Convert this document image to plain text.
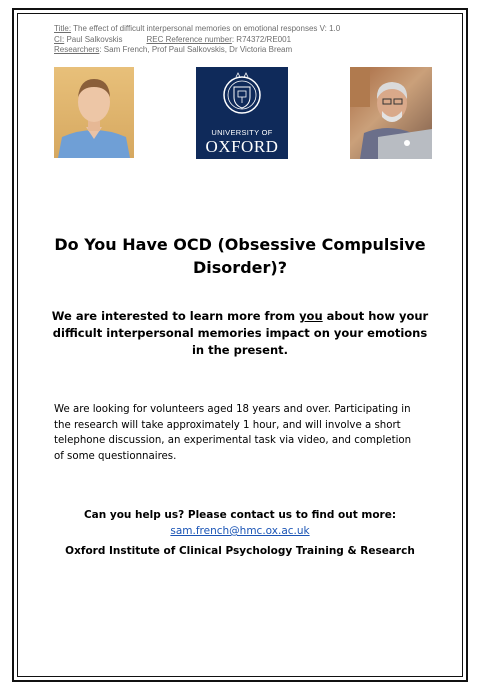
Title: The effect of difficult interpersonal memories on emotional responses V: 1.0
CI: Paul Salkovskis	REC Reference number: R74372/RE001
Researchers: Sam French, Prof Paul Salkovskis, Dr Victoria Bream
UNIVERSITY OF
OXFORD
Do You Have OCD (Obsessive Compulsive
Disorder)?
We are interested to learn more from you about how your
difficult interpersonal memories impact on your emotions
in the present.
We are looking for volunteers aged 18 years and over. Participating in
the research will take approximately 1 hour, and will involve a short
telephone discussion, an experimental task via video, and completion
of some questionnaires.
Can you help us? Please contact us to find out more:
sam.french@hmc.ox.ac.uk
Oxford Institute of Clinical Psychology Training & Research
